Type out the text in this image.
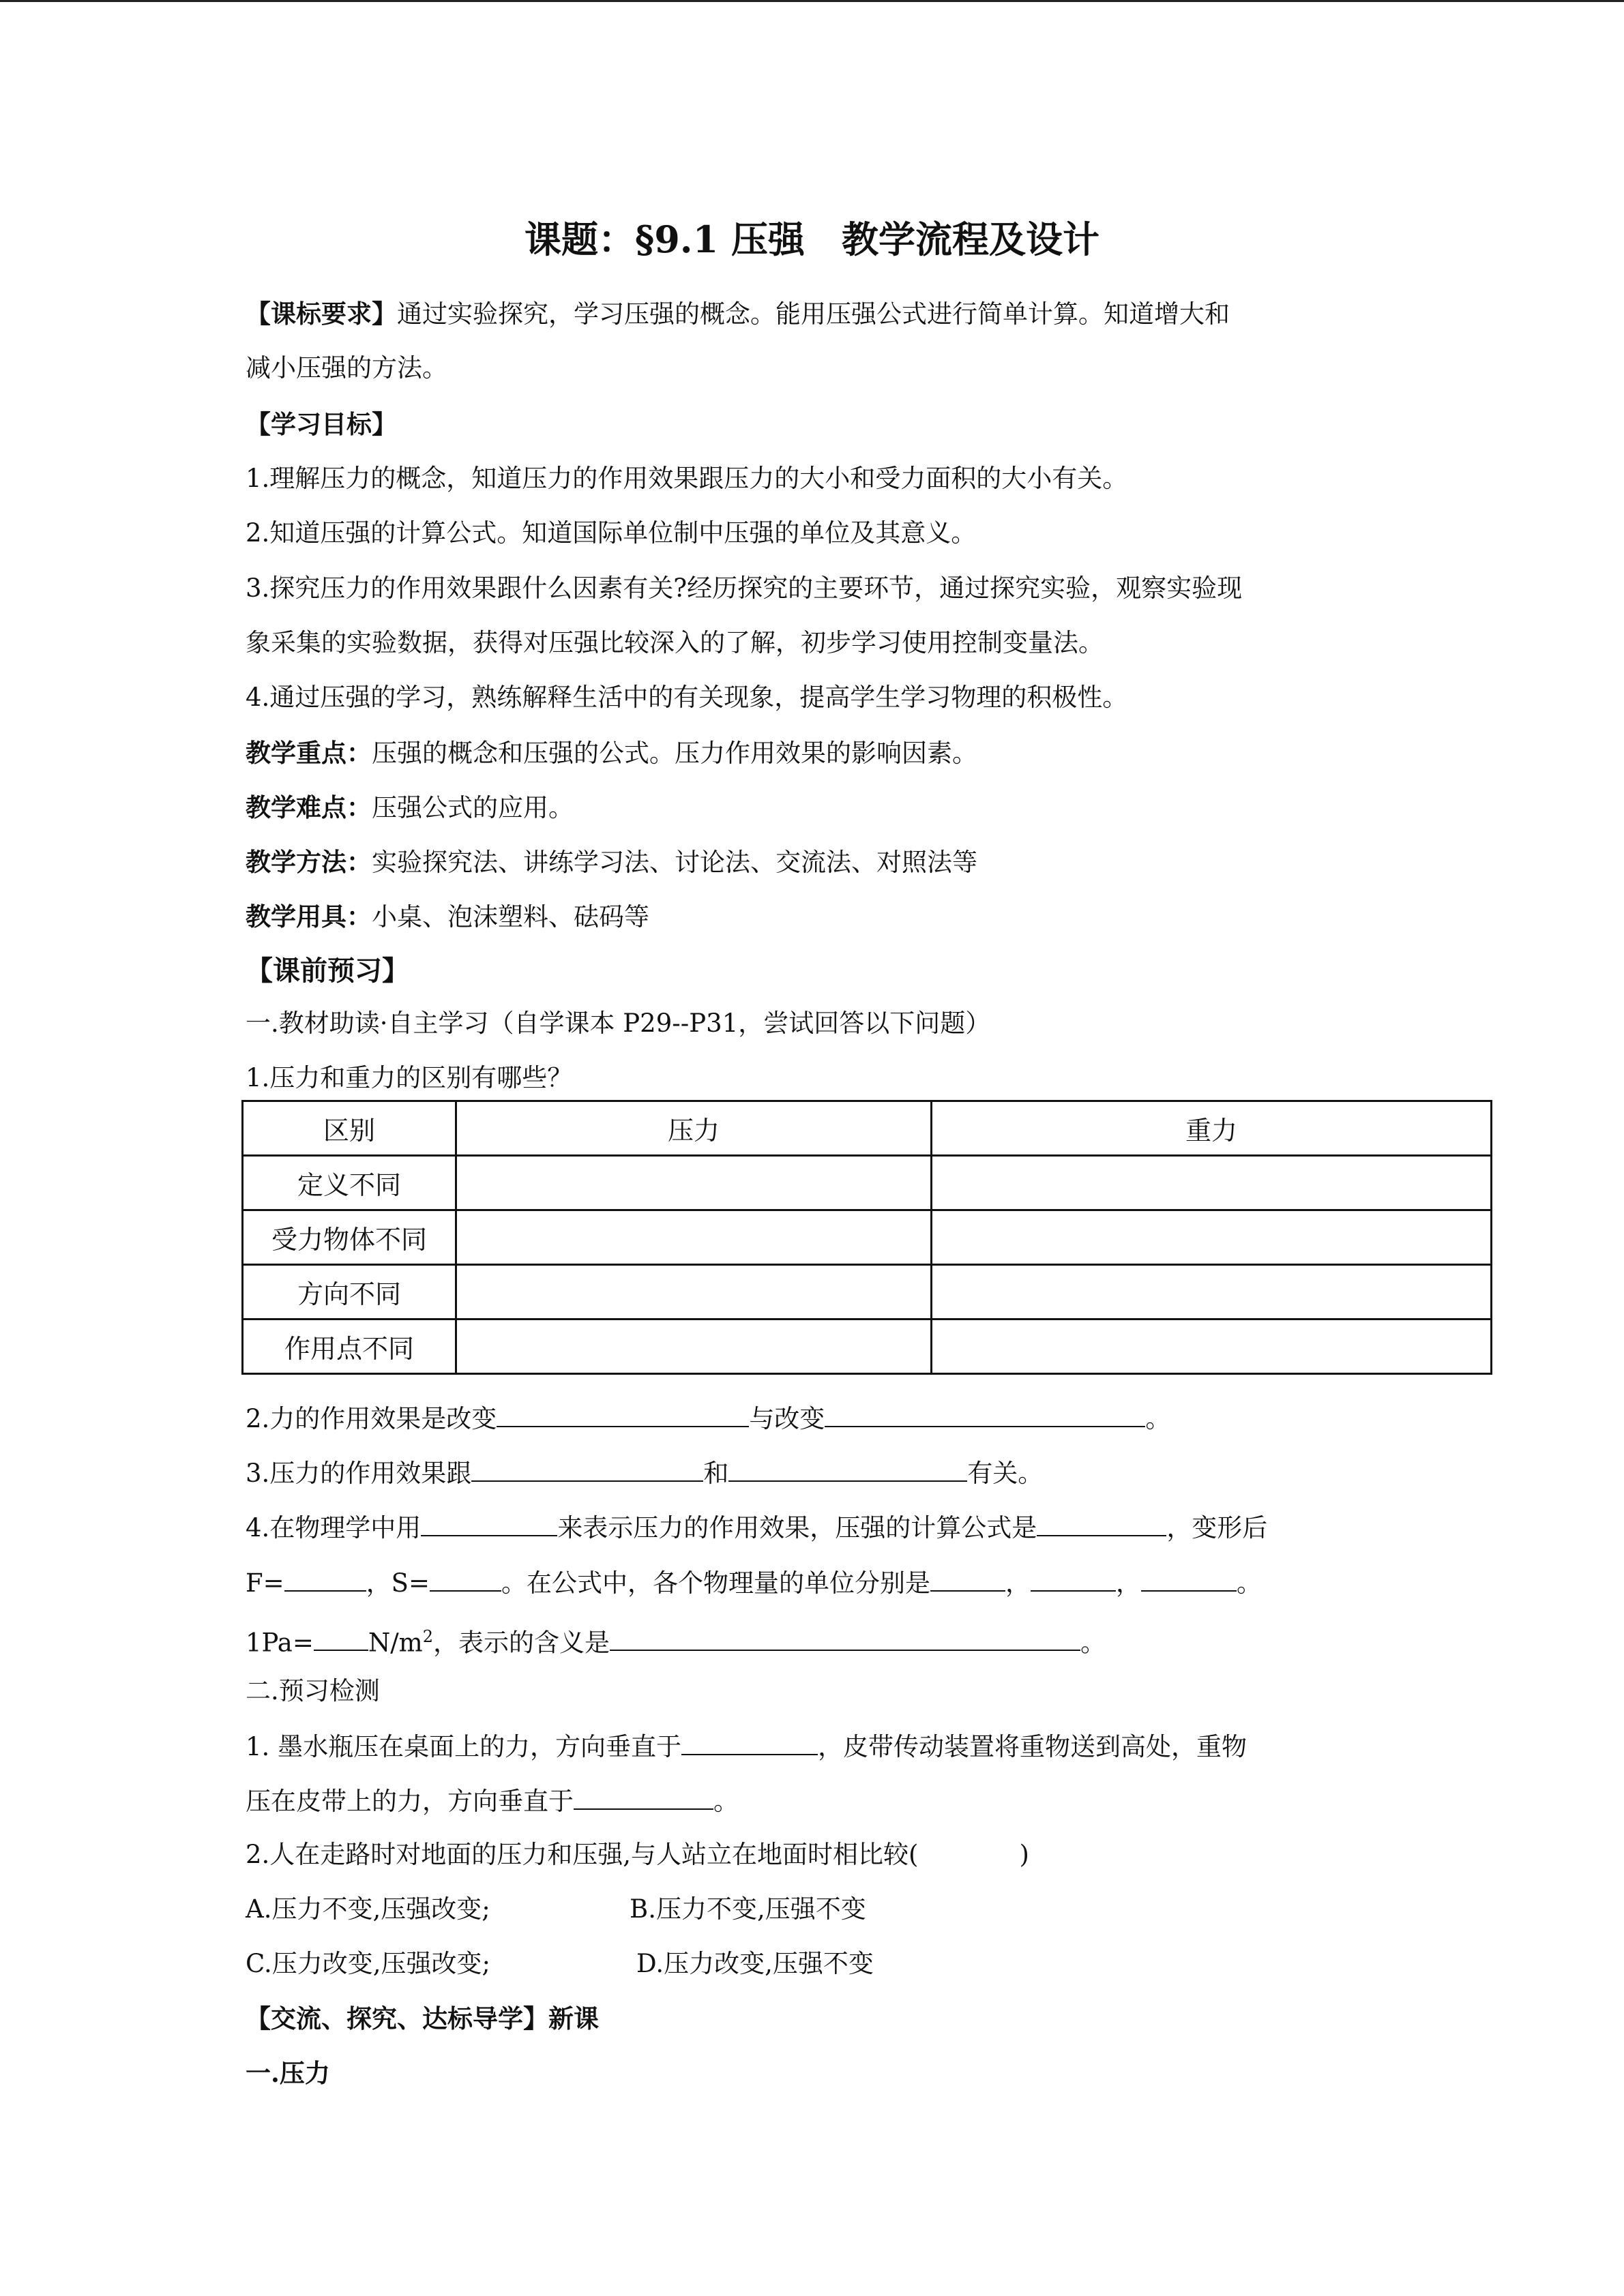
课题：§9.1 压强　教学流程及设计

【课标要求】通过实验探究，学习压强的概念。能用压强公式进行简单计算。知道增大和

减小压强的方法。

【学习目标】

1.理解压力的概念，知道压力的作用效果跟压力的大小和受力面积的大小有关。

2.知道压强的计算公式。知道国际单位制中压强的单位及其意义。

3.探究压力的作用效果跟什么因素有关?经历探究的主要环节，通过探究实验，观察实验现

象采集的实验数据，获得对压强比较深入的了解，初步学习使用控制变量法。

4.通过压强的学习，熟练解释生活中的有关现象，提高学生学习物理的积极性。

教学重点：压强的概念和压强的公式。压力作用效果的影响因素。

教学难点：压强公式的应用。

教学方法：实验探究法、讲练学习法、讨论法、交流法、对照法等

教学用具：小桌、泡沫塑料、砝码等

【课前预习】

一.教材助读·自主学习（自学课本 P29--P31，尝试回答以下问题）

1.压力和重力的区别有哪些？

区别	压力	重力
定义不同		
受力物体不同		
方向不同		
作用点不同		

2.力的作用效果是改变	与改变	。

3.压力的作用效果跟	和	有关。

4.在物理学中用	来表示压力的作用效果，压强的计算公式是	，变形后

F=	，S=	。在公式中，各个物理量的单位分别是	，	，	。

$1Pa= N/m^2$，表示的含义是	。

二.预习检测

1. 墨水瓶压在桌面上的力，方向垂直于	，皮带传动装置将重物送到高处，重物

压在皮带上的力，方向垂直于	。

2.人在走路时对地面的压力和压强,与人站立在地面时相比较(　　　　)

A.压力不变,压强改变;	B.压力不变,压强不变

C.压力改变,压强改变;	D.压力改变,压强不变

【交流、探究、达标导学】新课

一.压力
